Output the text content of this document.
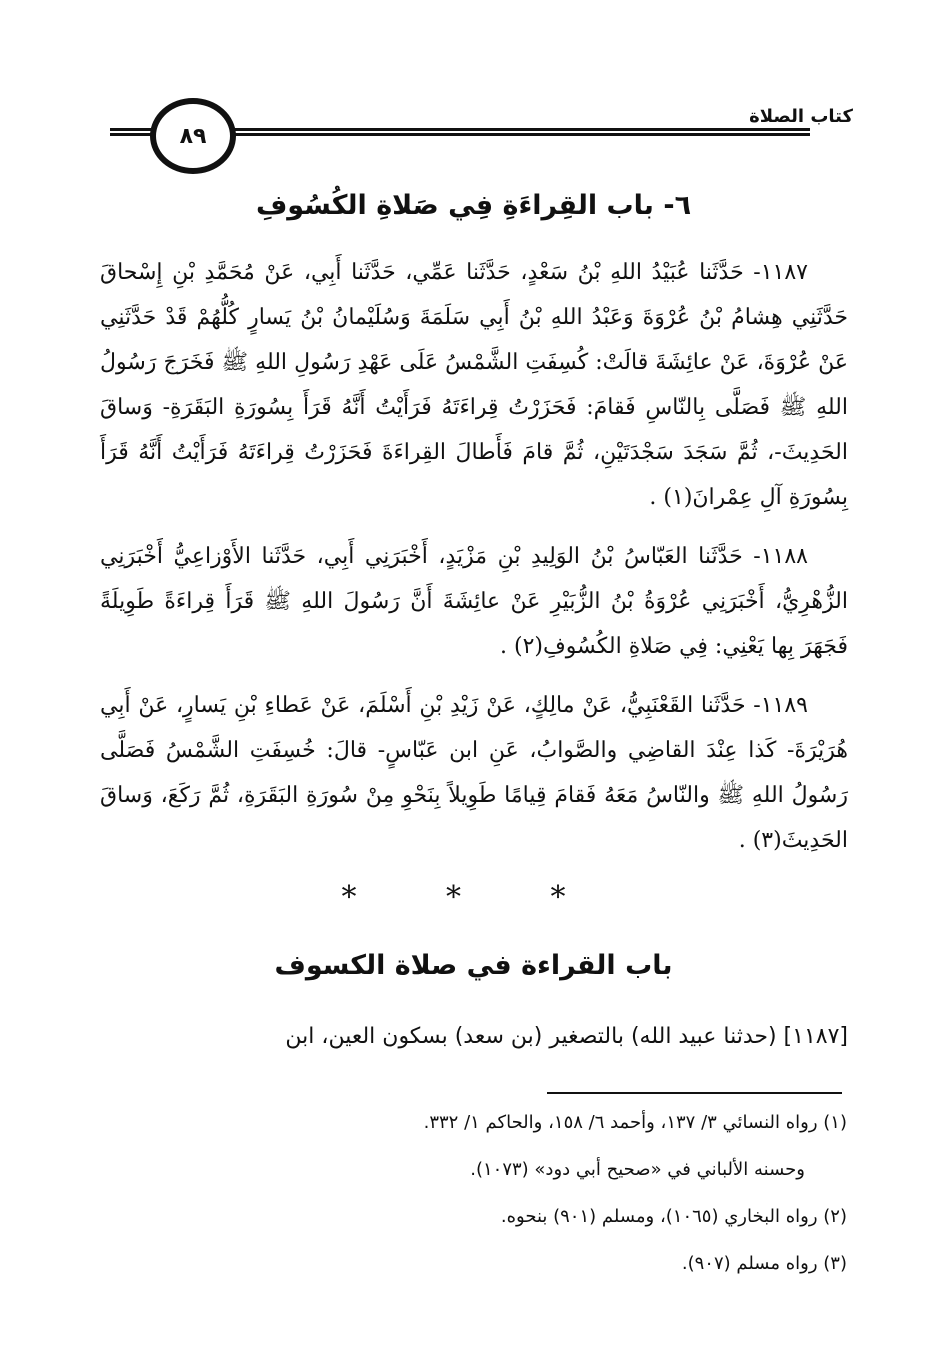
كتاب الصلاة
٨٩
٦- باب القِراءَةِ فِي صَلاةِ الكُسُوفِ

١١٨٧- حَدَّثَنا عُبَيْدُ اللهِ بْنُ سَعْدٍ، حَدَّثَنا عَمِّي، حَدَّثَنا أَبِي، عَنْ مُحَمَّدِ بْنِ إِسْحاقَ حَدَّثَنِي هِشامُ بْنُ عُرْوَةَ وَعَبْدُ اللهِ بْنُ أَبِي سَلَمَةَ وَسُلَيْمانُ بْنُ يَسارٍ كُلُّهُمْ قَدْ حَدَّثَنِي عَنْ عُرْوَةَ، عَنْ عائِشَةَ قالَتْ: كُسِفَتِ الشَّمْسُ عَلَى عَهْدِ رَسُولِ اللهِ ﷺ فَخَرَجَ رَسُولُ اللهِ ﷺ فَصَلَّى بِالنّاسِ فَقامَ: فَحَزَرْتُ قِراءَتَهُ فَرَأَيْتُ أَنَّهُ قَرَأَ بِسُورَةِ البَقَرَةِ- وَساقَ الحَدِيثَ-، ثُمَّ سَجَدَ سَجْدَتَيْنِ، ثُمَّ قامَ فَأَطالَ القِراءَةَ فَحَزَرْتُ قِراءَتَهُ فَرَأَيْتُ أَنَّهُ قَرَأَ بِسُورَةِ آلِ عِمْرانَ(١) .

١١٨٨- حَدَّثَنا العَبّاسُ بْنُ الوَلِيدِ بْنِ مَزْيَدٍ، أَخْبَرَنِي أَبِي، حَدَّثَنا الأَوْزاعِيُّ أَخْبَرَنِي الزُّهْرِيُّ، أَخْبَرَنِي عُرْوَةُ بْنُ الزُّبَيْرِ عَنْ عائِشَةَ أَنَّ رَسُولَ اللهِ ﷺ قَرَأَ قِراءَةً طَوِيلَةً فَجَهَرَ بِها يَعْنِي: فِي صَلاةِ الكُسُوفِ(٢) .

١١٨٩- حَدَّثَنا القَعْنَبِيُّ، عَنْ مالِكٍ، عَنْ زَيْدِ بْنِ أَسْلَمَ، عَنْ عَطاءِ بْنِ يَسارٍ، عَنْ أَبِي هُرَيْرَةَ- كَذا عِنْدَ القاضِي والصَّوابُ، عَنِ ابن عَبّاسٍ- قالَ: خُسِفَتِ الشَّمْسُ فَصَلَّى رَسُولُ اللهِ ﷺ والنّاسُ مَعَهُ فَقامَ قِيامًا طَوِيلاً بِنَحْوِ مِنْ سُورَةِ البَقَرَةِ، ثُمَّ رَكَعَ، وَساقَ الحَدِيثَ(٣) .

* * *
باب القراءة في صلاة الكسوف
[١١٨٧] (حدثنا عبيد الله) بالتصغير (بن سعد) بسكون العين، ابن
(١) رواه النسائي ٣/ ١٣٧، وأحمد ٦/ ١٥٨، والحاكم ١/ ٣٣٢.
وحسنه الألباني في «صحيح أبي دود» (١٠٧٣).
(٢) رواه البخاري (١٠٦٥)، ومسلم (٩٠١) بنحوه.
(٣) رواه مسلم (٩٠٧).
